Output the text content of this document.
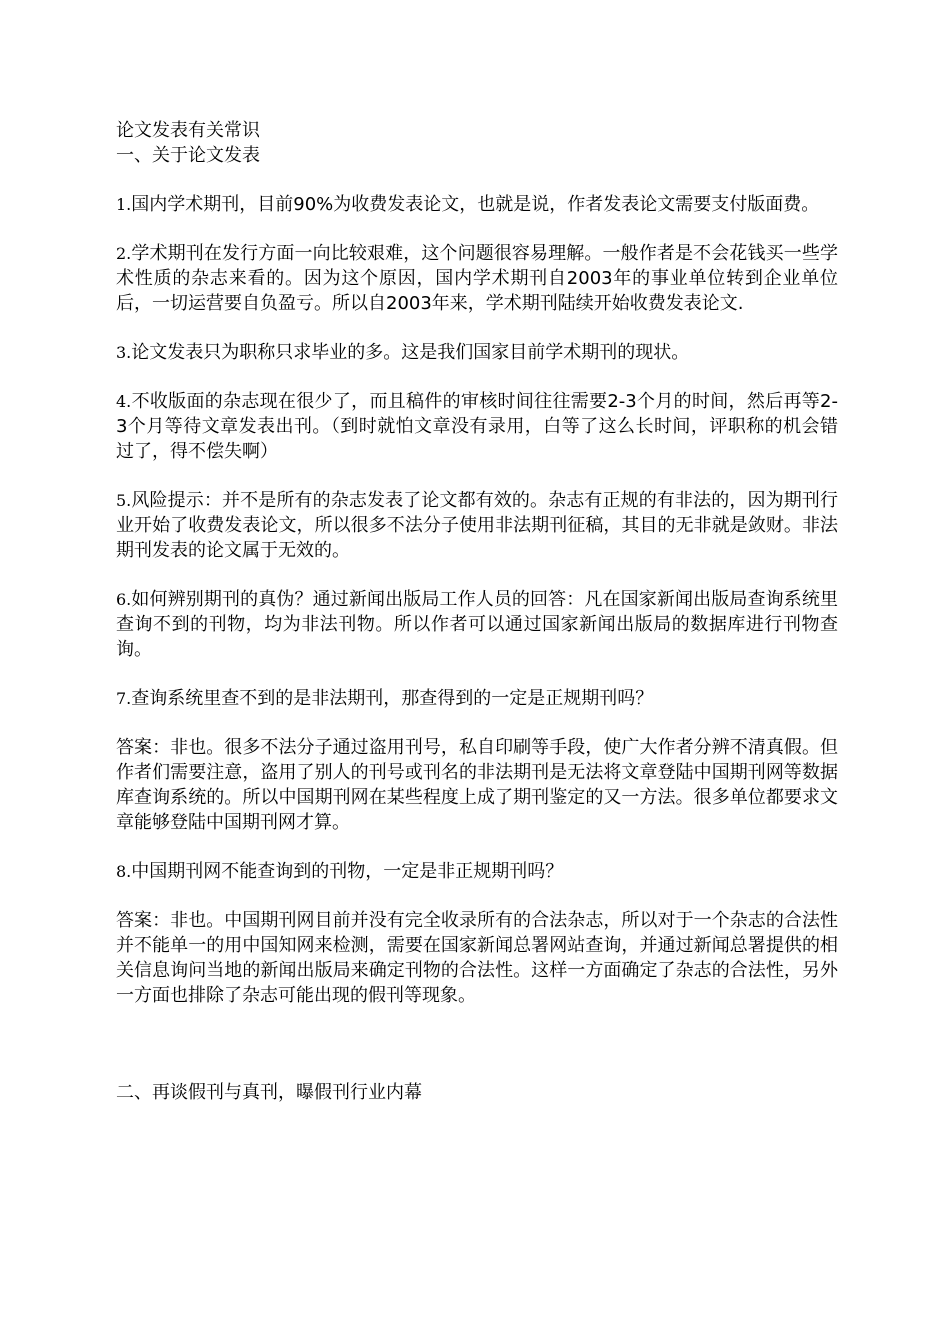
论文发表有关常识
一、关于论文发表

1.国内学术期刊，目前90%为收费发表论文，也就是说，作者发表论文需要支付版面费。

2.学术期刊在发行方面一向比较艰难，这个问题很容易理解。一般作者是不会花钱买一些学术性质的杂志来看的。因为这个原因，国内学术期刊自2003年的事业单位转到企业单位后，一切运营要自负盈亏。所以自2003年来，学术期刊陆续开始收费发表论文.

3.论文发表只为职称只求毕业的多。这是我们国家目前学术期刊的现状。

4.不收版面的杂志现在很少了，而且稿件的审核时间往往需要2-3个月的时间，然后再等2-3个月等待文章发表出刊。（到时就怕文章没有录用，白等了这么长时间，评职称的机会错过了，得不偿失啊）

5.风险提示：并不是所有的杂志发表了论文都有效的。杂志有正规的有非法的，因为期刊行业开始了收费发表论文，所以很多不法分子使用非法期刊征稿，其目的无非就是敛财。非法期刊发表的论文属于无效的。

6.如何辨别期刊的真伪？通过新闻出版局工作人员的回答：凡在国家新闻出版局查询系统里查询不到的刊物，均为非法刊物。所以作者可以通过国家新闻出版局的数据库进行刊物查询。

7.查询系统里查不到的是非法期刊，那查得到的一定是正规期刊吗？

答案：非也。很多不法分子通过盗用刊号，私自印刷等手段，使广大作者分辨不清真假。但作者们需要注意，盗用了别人的刊号或刊名的非法期刊是无法将文章登陆中国期刊网等数据库查询系统的。所以中国期刊网在某些程度上成了期刊鉴定的又一方法。很多单位都要求文章能够登陆中国期刊网才算。

8.中国期刊网不能查询到的刊物，一定是非正规期刊吗？

答案：非也。中国期刊网目前并没有完全收录所有的合法杂志，所以对于一个杂志的合法性并不能单一的用中国知网来检测，需要在国家新闻总署网站查询，并通过新闻总署提供的相关信息询问当地的新闻出版局来确定刊物的合法性。这样一方面确定了杂志的合法性，另外一方面也排除了杂志可能出现的假刊等现象。

二、再谈假刊与真刊，曝假刊行业内幕
